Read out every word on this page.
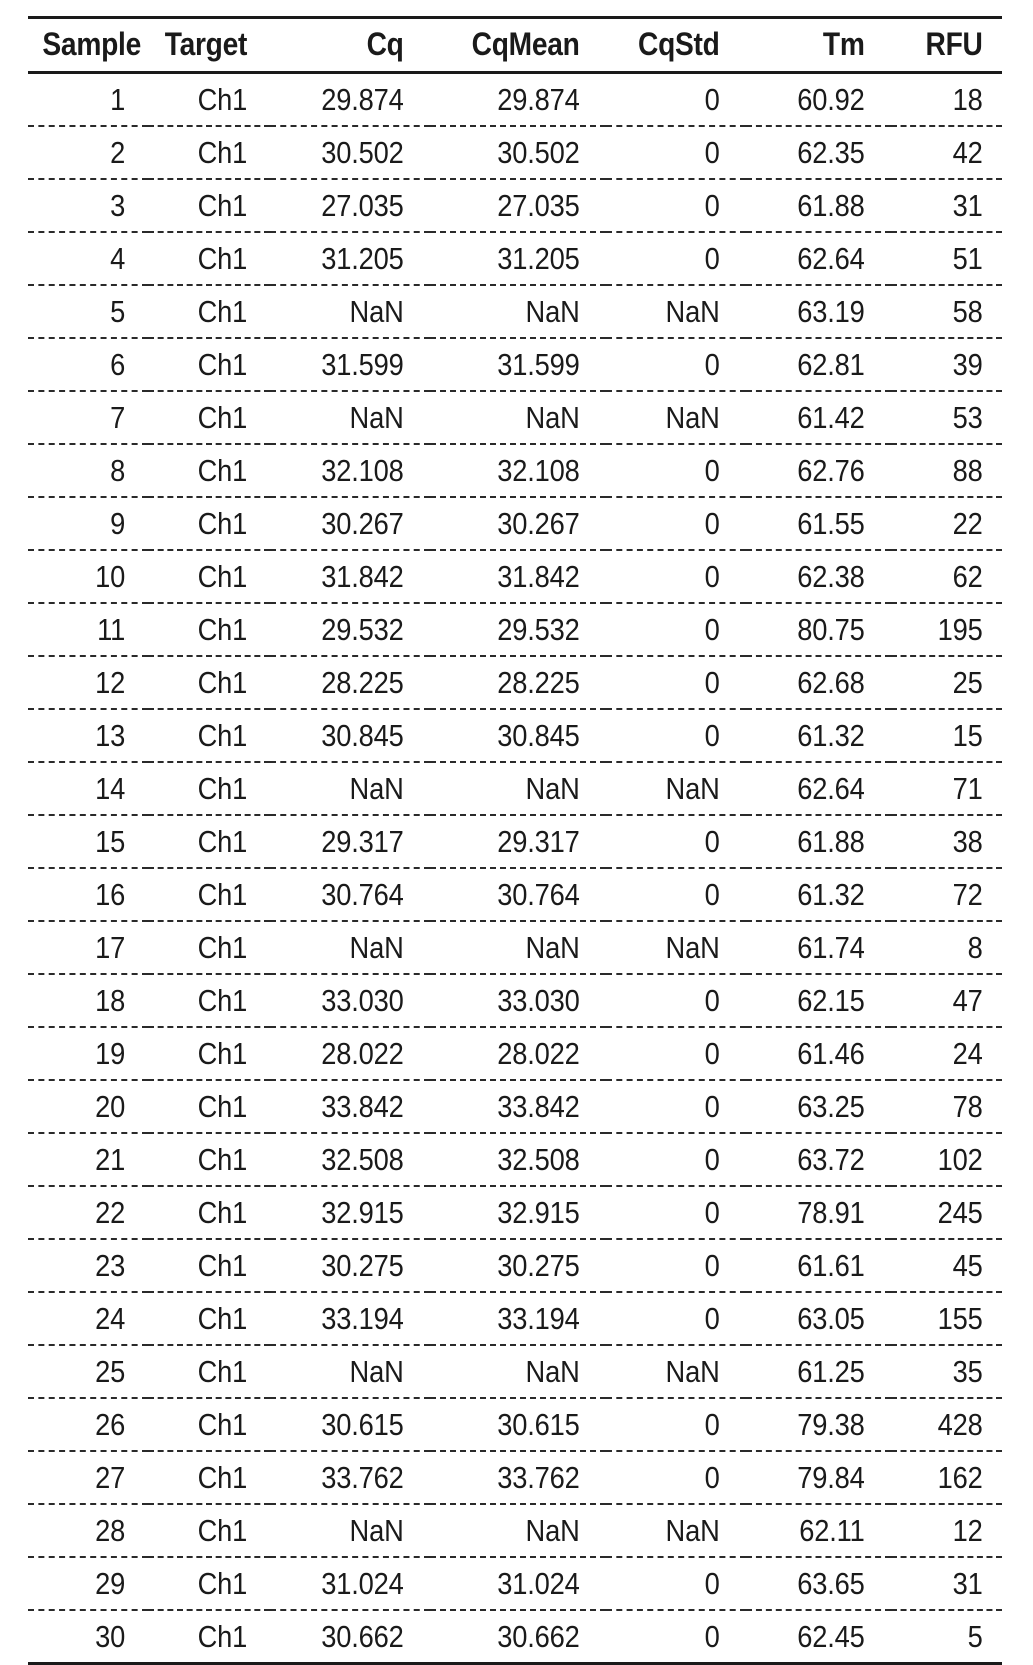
Sample	Target	Cq	CqMean	CqStd	Tm	RFU
1	Ch1	29.874	29.874	0	60.92	18
2	Ch1	30.502	30.502	0	62.35	42
3	Ch1	27.035	27.035	0	61.88	31
4	Ch1	31.205	31.205	0	62.64	51
5	Ch1	NaN	NaN	NaN	63.19	58
6	Ch1	31.599	31.599	0	62.81	39
7	Ch1	NaN	NaN	NaN	61.42	53
8	Ch1	32.108	32.108	0	62.76	88
9	Ch1	30.267	30.267	0	61.55	22
10	Ch1	31.842	31.842	0	62.38	62
11	Ch1	29.532	29.532	0	80.75	195
12	Ch1	28.225	28.225	0	62.68	25
13	Ch1	30.845	30.845	0	61.32	15
14	Ch1	NaN	NaN	NaN	62.64	71
15	Ch1	29.317	29.317	0	61.88	38
16	Ch1	30.764	30.764	0	61.32	72
17	Ch1	NaN	NaN	NaN	61.74	8
18	Ch1	33.030	33.030	0	62.15	47
19	Ch1	28.022	28.022	0	61.46	24
20	Ch1	33.842	33.842	0	63.25	78
21	Ch1	32.508	32.508	0	63.72	102
22	Ch1	32.915	32.915	0	78.91	245
23	Ch1	30.275	30.275	0	61.61	45
24	Ch1	33.194	33.194	0	63.05	155
25	Ch1	NaN	NaN	NaN	61.25	35
26	Ch1	30.615	30.615	0	79.38	428
27	Ch1	33.762	33.762	0	79.84	162
28	Ch1	NaN	NaN	NaN	62.11	12
29	Ch1	31.024	31.024	0	63.65	31
30	Ch1	30.662	30.662	0	62.45	5
